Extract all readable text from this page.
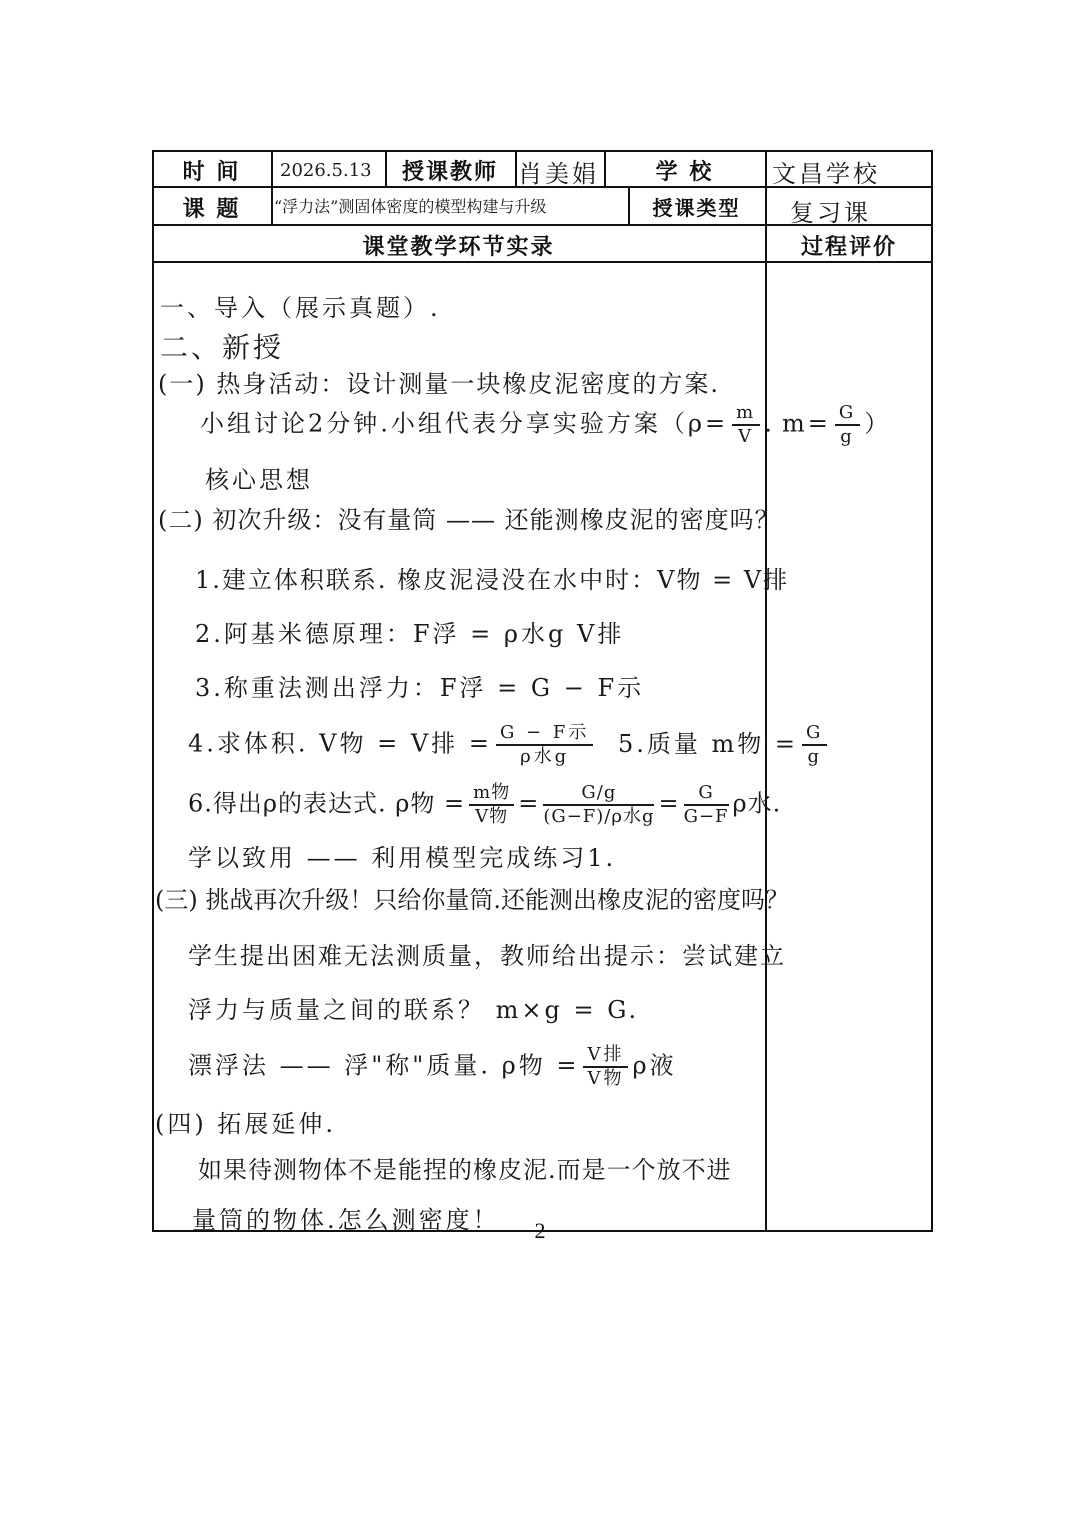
时 间	2026.5.13	授课教师 肖美娟	学 校	文昌学校
课 题	“浮力法”测固体密度的模型构建与升级	授课类型	复习课
课堂教学环节实录	过程评价
一、导入（展示真题）.
二、新授
(一) 热身活动：设计测量一块橡皮泥密度的方案.
小组讨论2分钟.小组代表分享实验方案（$\rho= \frac{m}{V}$ . $m= \frac{G}{g}$ ）
核心思想
(二) 初次升级：没有量筒 —— 还能测橡皮泥的密度吗？
1.建立体积联系. 橡皮泥浸没在水中时：V物 = V排
2.阿基米德原理：F浮 = ρ水g V排
3.称重法测出浮力：F浮 = G − F示
4.求体积. V物 = V排 = $\frac{\text{G − F示}}{\text{ρ水g}} 5$.质量 m物 = $\frac{G}{g}$
6.得出ρ的表达式. ρ物 = $\frac{\text{m物}}{\text{V物}} = \frac{G/g}{\text{(G−F)/ρ水g}} = \frac{G}{G-F}$ ρ水.
学以致用 —— 利用模型完成练习1.
(三) 挑战再次升级！只给你量筒.还能测出橡皮泥的密度吗？
学生提出困难无法测质量，教师给出提示：尝试建立
浮力与质量之间的联系？ m×g = G.
漂浮法 —— 浮"称"质量. ρ物 = $\frac{\text{V排}}{\text{V物}}$ ρ液
(四) 拓展延伸.
如果待测物体不是能捏的橡皮泥.而是一个放不进
量筒的物体.怎么测密度！	2
